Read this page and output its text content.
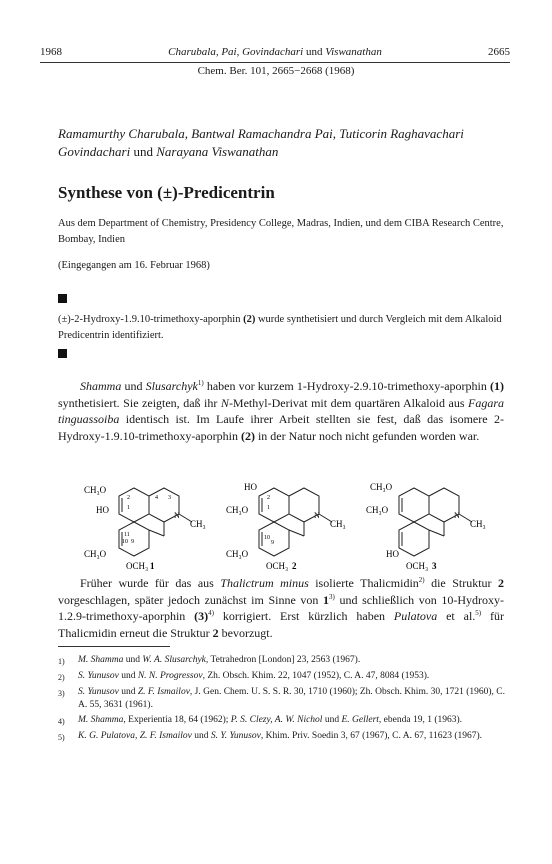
1968	Charubala, Pai, Govindachari und Viswanathan	2665
Chem. Ber. 101, 2665−2668 (1968)
Ramamurthy Charubala, Bantwal Ramachandra Pai, Tuticorin Raghavachari
Govindachari und Narayana Viswanathan
Synthese von (±)-Predicentrin
Aus dem Department of Chemistry, Presidency College, Madras, Indien, und dem CIBA Research Centre, Bombay, Indien
(Eingegangen am 16. Februar 1968)
(±)-2-Hydroxy-1.9.10-trimethoxy-aporphin (2) wurde synthetisiert und durch Vergleich mit dem Alkaloid Predicentrin identifiziert.
Shamma und Slusarchyk$^{1)}$ haben vor kurzem 1-Hydroxy-2.9.10-trimethoxy-aporphin (1) synthetisiert. Sie zeigten, daß ihr N-Methyl-Derivat mit dem quartären Alkaloid aus Fagara tinguassoiba identisch ist. Im Laufe ihrer Arbeit stellten sie fest, daß das isomere 2-Hydroxy-1.9.10-trimethoxy-aporphin (2) in der Natur noch nicht gefunden worden war.
CH₃O
HO
N
CH₃
CH₃O
OCH₃ 1
2
1
4 3
11
10 9
HO
CH₃O
N
CH₃
CH₃O
OCH₃ 2
2
1
10
9
CH₃O
CH₃O
N
CH₃
HO
OCH₃ 3
Früher wurde für das aus Thalictrum minus isolierte Thalicmidin$^{2)}$ die Struktur 2 vorgeschlagen, später jedoch zunächst im Sinne von 1$^{3)}$ und schließlich von 10-Hydroxy-1.2.9-trimethoxy-aporphin $(3)^{4)}$ korrigiert. Erst kürzlich haben Pulatova et al.$^{5)}$ für Thalicmidin erneut die Struktur 2 bevorzugt.
1)	M. Shamma und W. A. Slusarchyk, Tetrahedron [London] 23, 2563 (1967).
2)	S. Yunusov und N. N. Progressov, Zh. Obsch. Khim. 22, 1047 (1952), C. A. 47, 8084 (1953).
3)	S. Yunusov und Z. F. Ismailov, J. Gen. Chem. U. S. S. R. 30, 1710 (1960); Zh. Obsch. Khim. 30, 1721 (1960), C. A. 55, 3631 (1961).
4)	M. Shamma, Experientia 18, 64 (1962); P. S. Clezy, A. W. Nichol und E. Gellert, ebenda 19, 1 (1963).
5)	K. G. Pulatova, Z. F. Ismailov und S. Y. Yunusov, Khim. Priv. Soedin 3, 67 (1967), C. A. 67, 11623 (1967).
